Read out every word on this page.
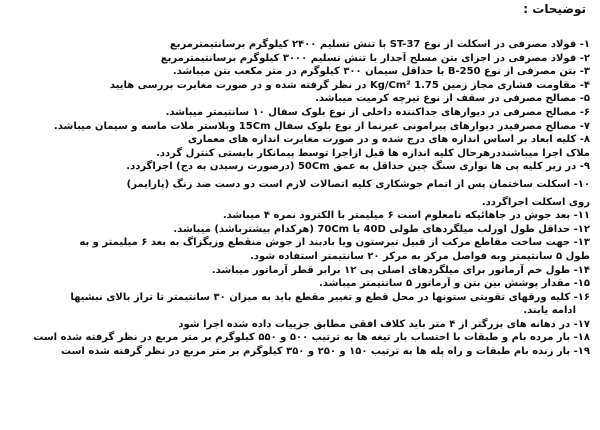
توضیحات :
۱- فولاد مصرفی در اسکلت از نوع ST-37 با تنش تسلیم ۲۴۰۰ کیلوگرم برسانتیمترمربع
۲- فولاد مصرفی در اجزای بتن مسلح آجدار با تنش تسلیم ۳۰۰۰ کیلوگرم برسانتیمترمربع
۳- بتن مصرفی از نوع B-250 با حداقل سیمان ۳۰۰ کیلوگرم در متر مکعب بتن میباشد.
۴- مقاومت فشاری مجاز زمین 1.75 Kg/Cm² در نظر گرفته شده و در صورت مغایرت بررسی هایید
۵- مصالح مصرفی در سقف از نوع تیرچه کرمیت میباشد.
۶- مصالح مصرفی در دیوارهای جداکننده داخلی از نوع بلوک سفال ۱۰ سانتیمتر میباشد.
۷- مصالح مصرفیدر دیوارهای پیرامونی غیرنما از نوع بلوک سفال 15Cm وبلاستر ملات ماسه و سیمان میباشد.
۸- کلیه ابعاد بر اساس اندازه های درج شده و در صورت مغایرت اندازه های معماری
ملاک اجرا میباشنددرهرحال کلیه اندازه ها قبل ازاجرا توسط پیمانکار بایستی کنترل گردد.
۹- در زیر کلیه پی ها نواری سنگ چین حداقل به عمق 50Cm (درصورت رسیدن به دج) اجراگردد.
۱۰- اسکلت ساختمان پس از اتمام جوشکاری کلیه اتصالات لازم است دو دست ضد زنگ (پارایمر)
روی اسکلت اجراگردد.
۱۱- بعد جوش در جاهائیکه نامعلوم است ۶ میلیمتر با الکترود نمره ۴ میباشد.
۱۲- حداقل طول اورلب میلگردهای طولی 40D یا 70Cm (هرکدام بیشترباشد) میباشد.
۱۳- جهت ساخت مقاطع مرکب از قبیل تیرستون ویا بادبند از جوش منقطع وزیگزاگ به بعد ۶ میلیمتر و به
طول ۵ سانتیمتر وبه فواصل مرکز به مرکز ۲۰ سانتیمتر استفاده شود.
۱۴- طول خم آرماتور برای میلگردهای اصلی پی ۱۲ برابر قطر آرماتور میباشد.
۱۵- مقدار پوشش بین بتن و آرماتور ۵ سانتیمتر میباشد.
۱۶- کلیه ورقهای تقویتی ستونها در محل قطع و تغییر مقطع باید به میزان ۳۰ سانتیمتر تا تراز بالای نبشیها
ادامه یابند.
۱۷- در دهانه های بزرگتر از ۴ متر باید کلاف افقی مطابق جزییات داده شده اجرا شود
۱۸- بار مرده بام و طبقات با احتساب بار تیغه ها به ترتیب ۵۰۰ و ۵۵۰ کیلوگرم بر متر مربع در نظر گرفته شده است
۱۹- بار زنده بام طبقات و راه پله ها به ترتیب ۱۵۰ و ۲۵۰ و ۳۵۰ کیلوگرم بر متر مربع در نظر گرفته شده است
